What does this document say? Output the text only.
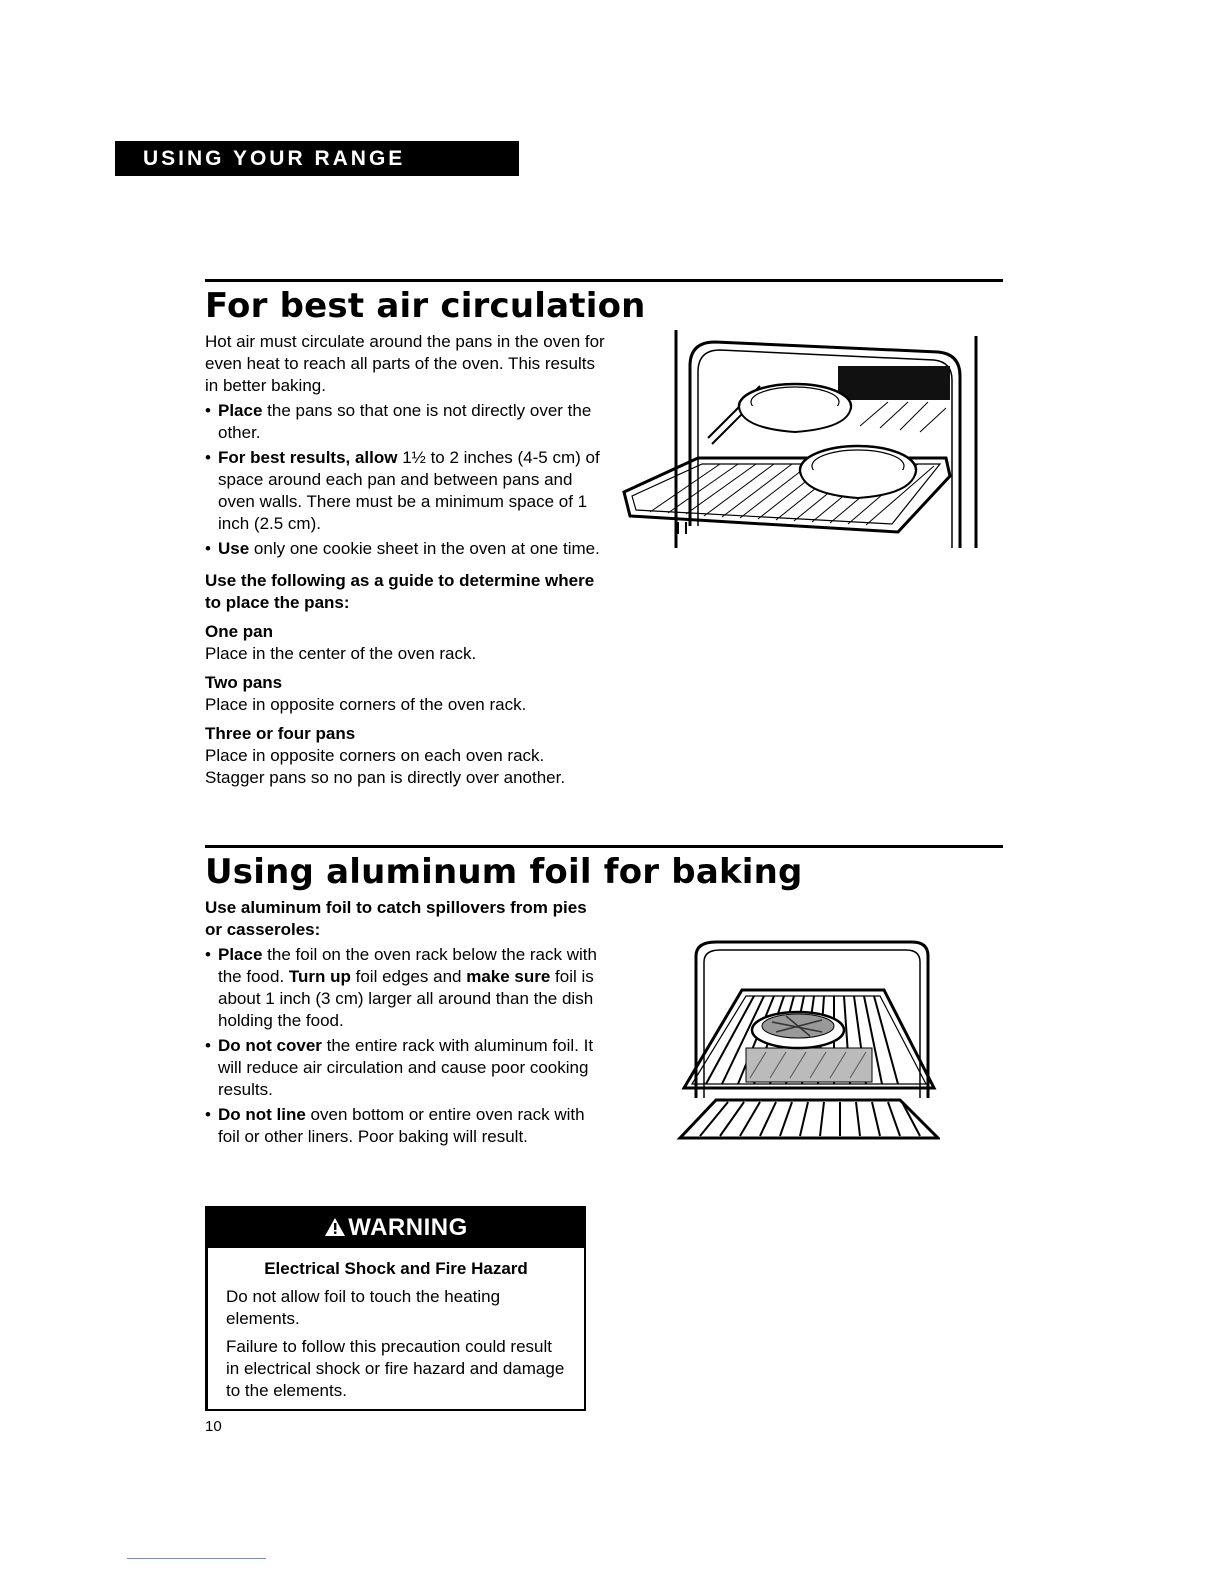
USING YOUR RANGE
For best air circulation

Hot air must circulate around the pans in the oven for even heat to reach all parts of the oven. This results in better baking.

• Place the pans so that one is not directly over the other.
• For best results, allow 1½ to 2 inches (4-5 cm) of space around each pan and between pans and oven walls. There must be a minimum space of 1 inch (2.5 cm).
• Use only one cookie sheet in the oven at one time.

Use the following as a guide to determine where to place the pans:

One pan

Place in the center of the oven rack.

Two pans

Place in opposite corners of the oven rack.

Three or four pans

Place in opposite corners on each oven rack. Stagger pans so no pan is directly over another.

Using aluminum foil for baking

Use aluminum foil to catch spillovers from pies or casseroles:

• Place the foil on the oven rack below the rack with the food. Turn up foil edges and make sure foil is about 1 inch (3 cm) larger all around than the dish holding the food.
• Do not cover the entire rack with aluminum foil. It will reduce air circulation and cause poor cooking results.
• Do not line oven bottom or entire oven rack with foil or other liners. Poor baking will result.
WARNING

Electrical Shock and Fire Hazard

Do not allow foil to touch the heating elements.

Failure to follow this precaution could result in electrical shock or fire hazard and damage to the elements.

10
